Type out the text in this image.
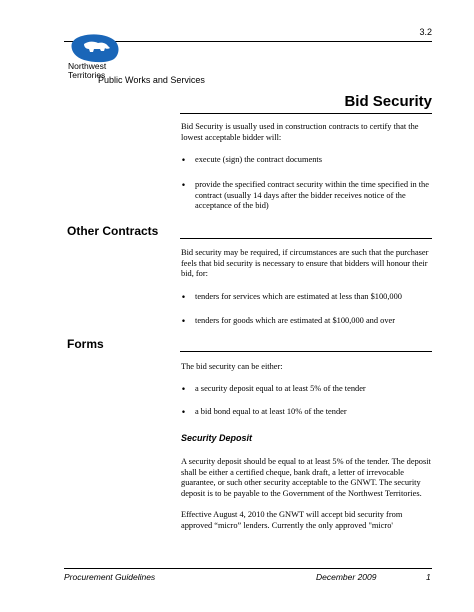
3.2
Northwest
Territories
Public Works and Services
Bid Security
Bid Security is usually used in construction contracts to certify that the lowest acceptable bidder will:
• execute (sign) the contract documents
• provide the specified contract security within the time specified in the contract (usually 14 days after the bidder receives notice of the acceptance of the bid)
Other Contracts
Bid security may be required, if circumstances are such that the purchaser feels that bid security is necessary to ensure that bidders will honour their bid, for:
• tenders for services which are estimated at less than $100,000
• tenders for goods which are estimated at $100,000 and over
Forms
The bid security can be either:
• a security deposit equal to at least 5% of the tender
• a bid bond equal to at least 10% of the tender
Security Deposit
A security deposit should be equal to at least 5% of the tender. The deposit shall be either a certified cheque, bank draft, a letter of irrevocable guarantee, or such other security acceptable to the GNWT. The security deposit is to be payable to the Government of the Northwest Territories.
Effective August 4, 2010 the GNWT will accept bid security from approved “micro” lenders. Currently the only approved "micro'
Procurement Guidelines	December 2009	1
